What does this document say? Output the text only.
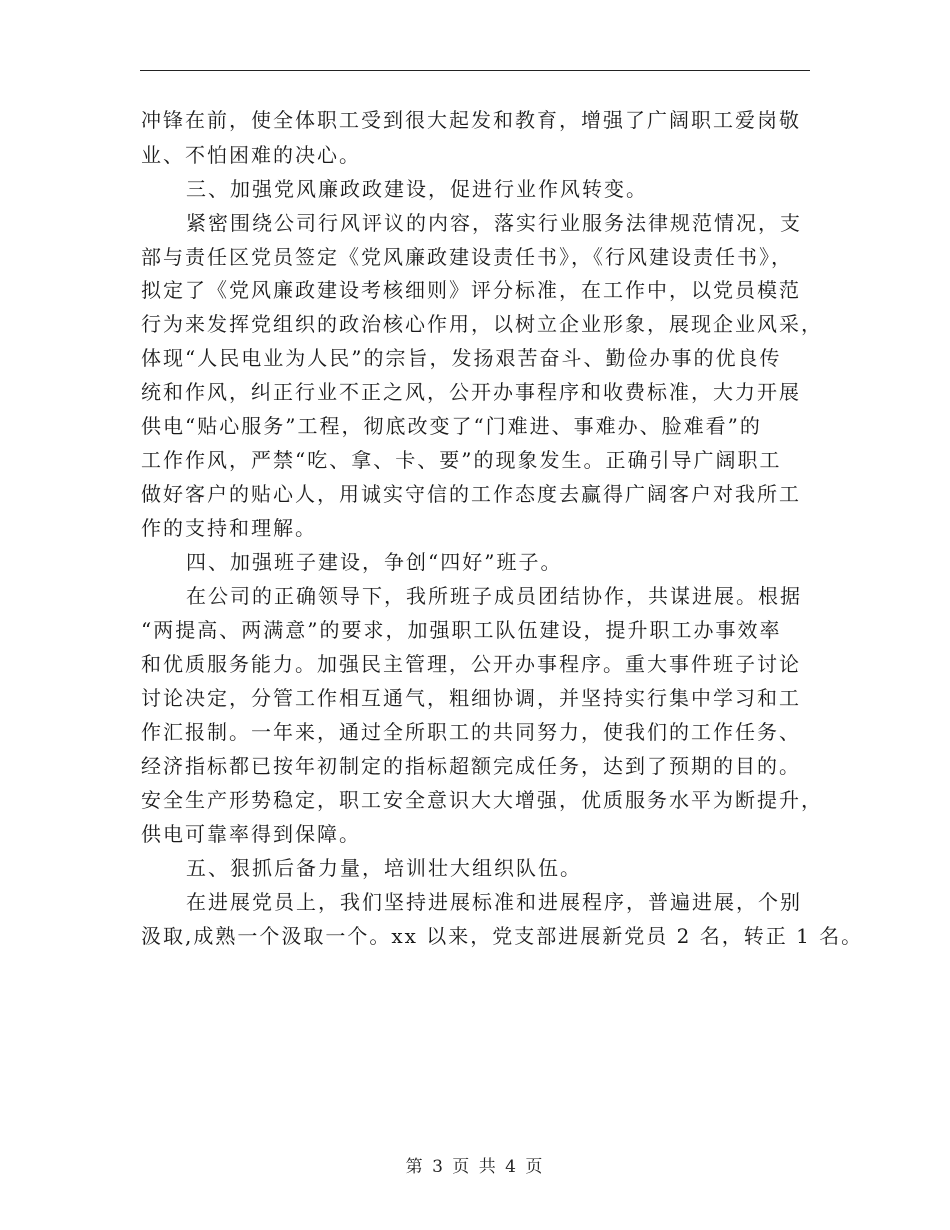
冲锋在前，使全体职工受到很大起发和教育，增强了广阔职工爱岗敬
业、不怕困难的决心。
三、加强党风廉政政建设，促进行业作风转变。
紧密围绕公司行风评议的内容，落实行业服务法律规范情况，支
部与责任区党员签定《党风廉政建设责任书》，《行风建设责任书》，
拟定了《党风廉政建设考核细则》评分标准，在工作中，以党员模范
行为来发挥党组织的政治核心作用，以树立企业形象，展现企业风采，
体现“人民电业为人民”的宗旨，发扬艰苦奋斗、勤俭办事的优良传
统和作风，纠正行业不正之风，公开办事程序和收费标准，大力开展
供电“贴心服务”工程，彻底改变了“门难进、事难办、脸难看”的
工作作风，严禁“吃、拿、卡、要”的现象发生。正确引导广阔职工
做好客户的贴心人，用诚实守信的工作态度去赢得广阔客户对我所工
作的支持和理解。
四、加强班子建设，争创“四好”班子。
在公司的正确领导下，我所班子成员团结协作，共谋进展。根据
“两提高、两满意”的要求，加强职工队伍建设，提升职工办事效率
和优质服务能力。加强民主管理，公开办事程序。重大事件班子讨论
讨论决定，分管工作相互通气，粗细协调，并坚持实行集中学习和工
作汇报制。一年来，通过全所职工的共同努力，使我们的工作任务、
经济指标都已按年初制定的指标超额完成任务，达到了预期的目的。
安全生产形势稳定，职工安全意识大大增强，优质服务水平为断提升，
供电可靠率得到保障。
五、狠抓后备力量，培训壮大组织队伍。
在进展党员上，我们坚持进展标准和进展程序，普遍进展，个别
汲取,成熟一个汲取一个。xx 以来，党支部进展新党员 2 名，转正 1 名。
第 3 页 共 4 页
